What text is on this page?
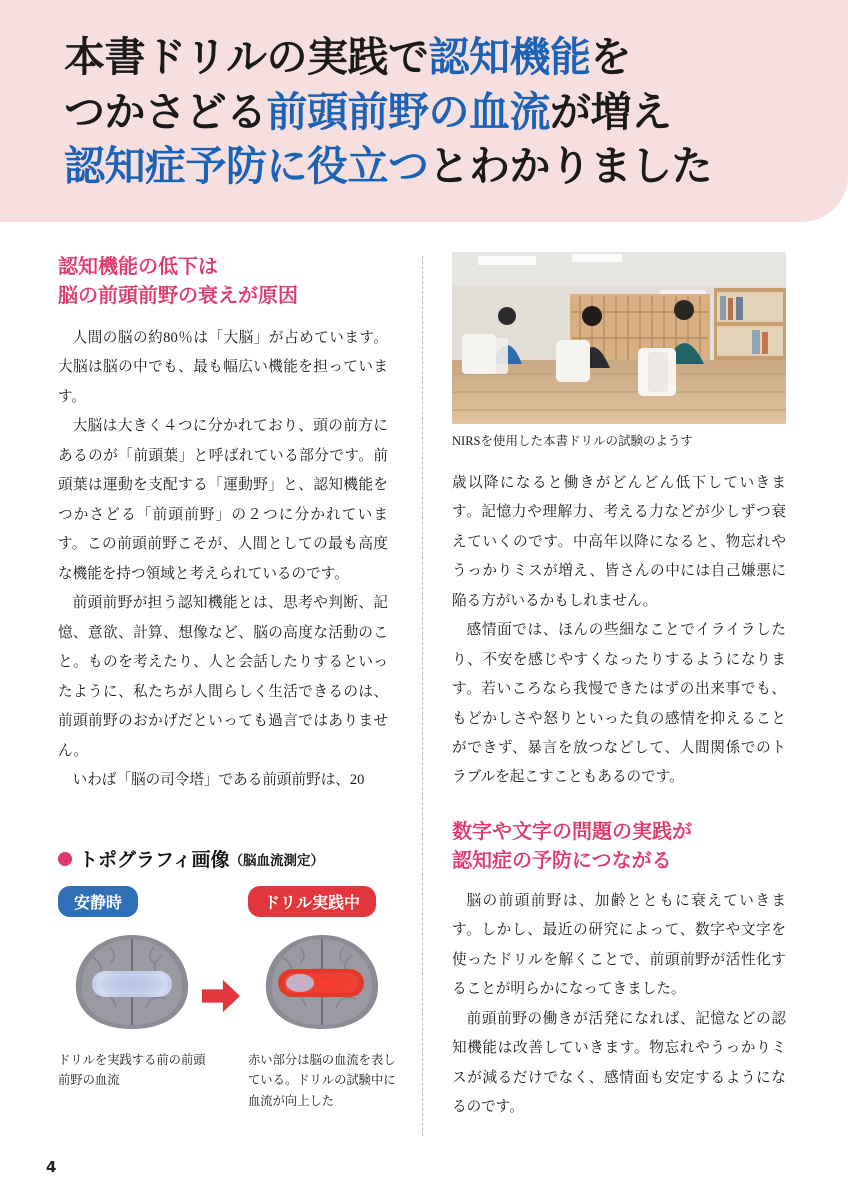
本書ドリルの実践で認知機能を
つかさどる前頭前野の血流が増え
認知症予防に役立つとわかりました
認知機能の低下は
脳の前頭前野の衰えが原因

人間の脳の約80％は「大脳」が占めています。大脳は脳の中でも、最も幅広い機能を担っています。

大脳は大きく４つに分かれており、頭の前方にあるのが「前頭葉」と呼ばれている部分です。前頭葉は運動を支配する「運動野」と、認知機能をつかさどる「前頭前野」の２つに分かれています。この前頭前野こそが、人間としての最も高度な機能を持つ領域と考えられているのです。

前頭前野が担う認知機能とは、思考や判断、記憶、意欲、計算、想像など、脳の高度な活動のこと。ものを考えたり、人と会話したりするといったように、私たちが人間らしく生活できるのは、前頭前野のおかげだといっても過言ではありません。

いわば「脳の司令塔」である前頭前野は、20

NIRSを使用した本書ドリルの試験のようす

歳以降になると働きがどんどん低下していきます。記憶力や理解力、考える力などが少しずつ衰えていくのです。中高年以降になると、物忘れやうっかりミスが増え、皆さんの中には自己嫌悪に陥る方がいるかもしれません。

感情面では、ほんの些細なことでイライラしたり、不安を感じやすくなったりするようになります。若いころなら我慢できたはずの出来事でも、もどかしさや怒りといった負の感情を抑えることができず、暴言を放つなどして、人間関係でのトラブルを起こすこともあるのです。

数字や文字の問題の実践が
認知症の予防につながる

脳の前頭前野は、加齢とともに衰えていきます。しかし、最近の研究によって、数字や文字を使ったドリルを解くことで、前頭前野が活性化することが明らかになってきました。

前頭前野の働きが活発になれば、記憶などの認知機能は改善していきます。物忘れやうっかりミスが減るだけでなく、感情面も安定するようになるのです。

トポグラフィ画像 （脳血流測定）
安静時
ドリルを実践する前の前頭前野の血流
ドリル実践中
赤い部分は脳の血流を表している。ドリルの試験中に血流が向上した
4
